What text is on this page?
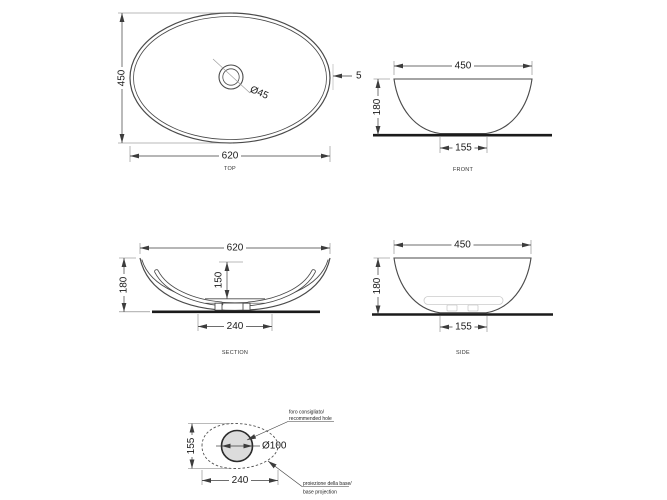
Ø45
450
620
5
TOP
450
180
155
FRONT
620
180	150
240
SECTION
450
180
155
SIDE
Ø100
155
240
foro consigliato/
recommended hole
proiezione della base/
base projection
